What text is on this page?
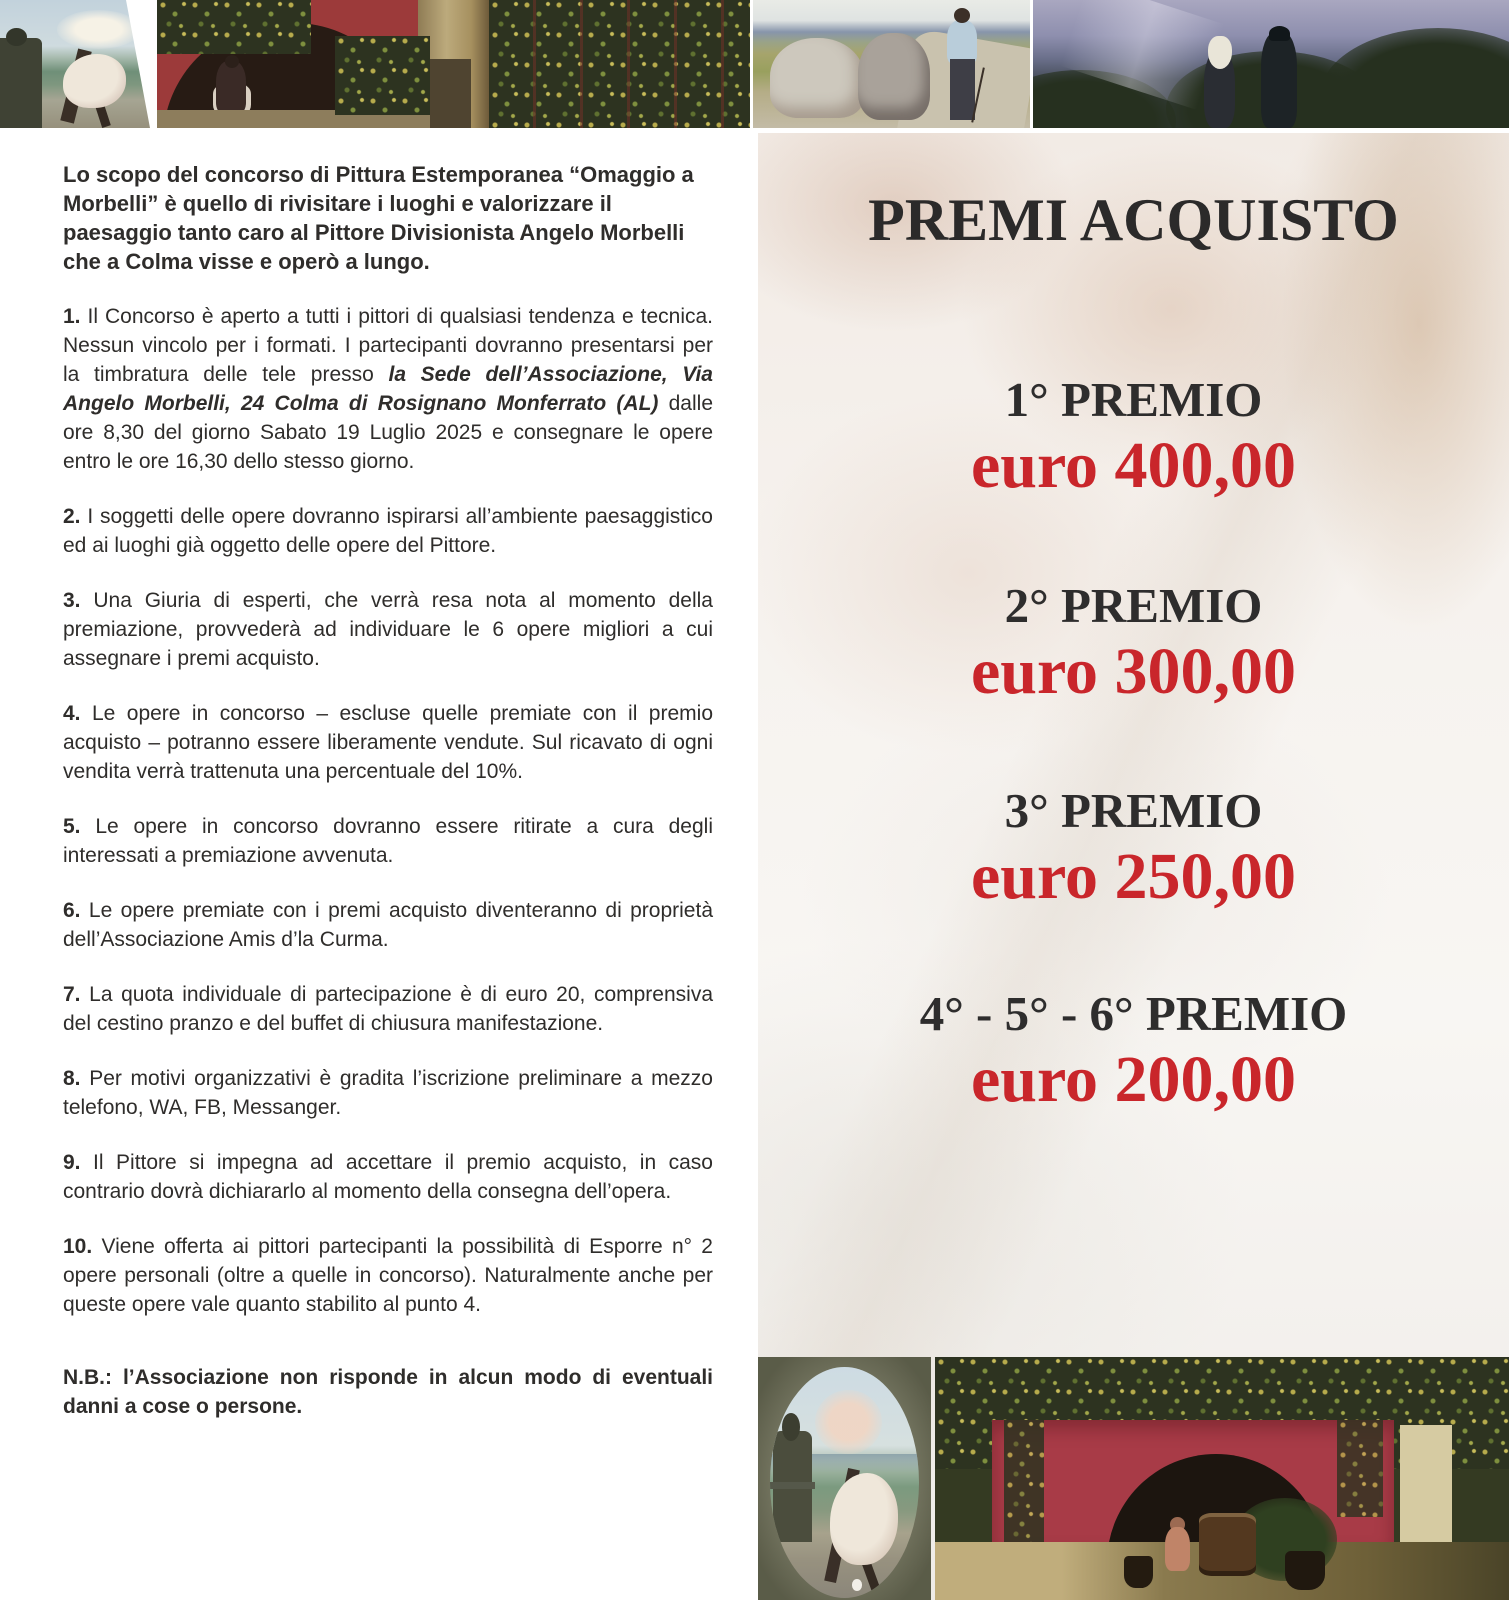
Lo scopo del concorso di Pittura Estemporanea “Omaggio a Morbelli” è quello di rivisitare i luoghi e valorizzare il paesaggio tanto caro al Pittore Divisionista Angelo Morbelli che a Colma visse e operò a lungo.

1. Il Concorso è aperto a tutti i pittori di qualsiasi tendenza e tecnica. Nessun vincolo per i formati. I partecipanti dovranno presentarsi per la timbratura delle tele presso la Sede dell’Associazione, Via Angelo Morbelli, 24 Colma di Rosignano Monferrato (AL) dalle ore 8,30 del giorno Sabato 19 Luglio 2025 e consegnare le opere entro le ore 16,30 dello stesso giorno.

2. I soggetti delle opere dovranno ispirarsi all’ambiente paesaggistico ed ai luoghi già oggetto delle opere del Pittore.

3. Una Giuria di esperti, che verrà resa nota al momento della premiazione, provvederà ad individuare le 6 opere migliori a cui assegnare i premi acquisto.

4. Le opere in concorso – escluse quelle premiate con il premio acquisto – potranno essere liberamente vendute. Sul ricavato di ogni vendita verrà trattenuta una percentuale del 10%.

5. Le opere in concorso dovranno essere ritirate a cura degli interessati a premiazione avvenuta.

6. Le opere premiate con i premi acquisto diventeranno di proprietà dell’Associazione Amis d’la Curma.

7. La quota individuale di partecipazione è di euro 20, comprensiva del cestino pranzo e del buffet di chiusura manifestazione.

8. Per motivi organizzativi è gradita l’iscrizione preliminare a mezzo telefono, WA, FB, Messanger.

9. Il Pittore si impegna ad accettare il premio acquisto, in caso contrario dovrà dichiararlo al momento della consegna dell’opera.

10. Viene offerta ai pittori partecipanti la possibilità di Esporre n° 2 opere personali (oltre a quelle in concorso). Naturalmente anche per queste opere vale quanto stabilito al punto 4.

N.B.: l’Associazione non risponde in alcun modo di eventuali danni a cose o persone.

PREMI ACQUISTO
1° PREMIO
euro 400,00
2° PREMIO
euro 300,00
3° PREMIO
euro 250,00
4° - 5° - 6° PREMIO
euro 200,00
